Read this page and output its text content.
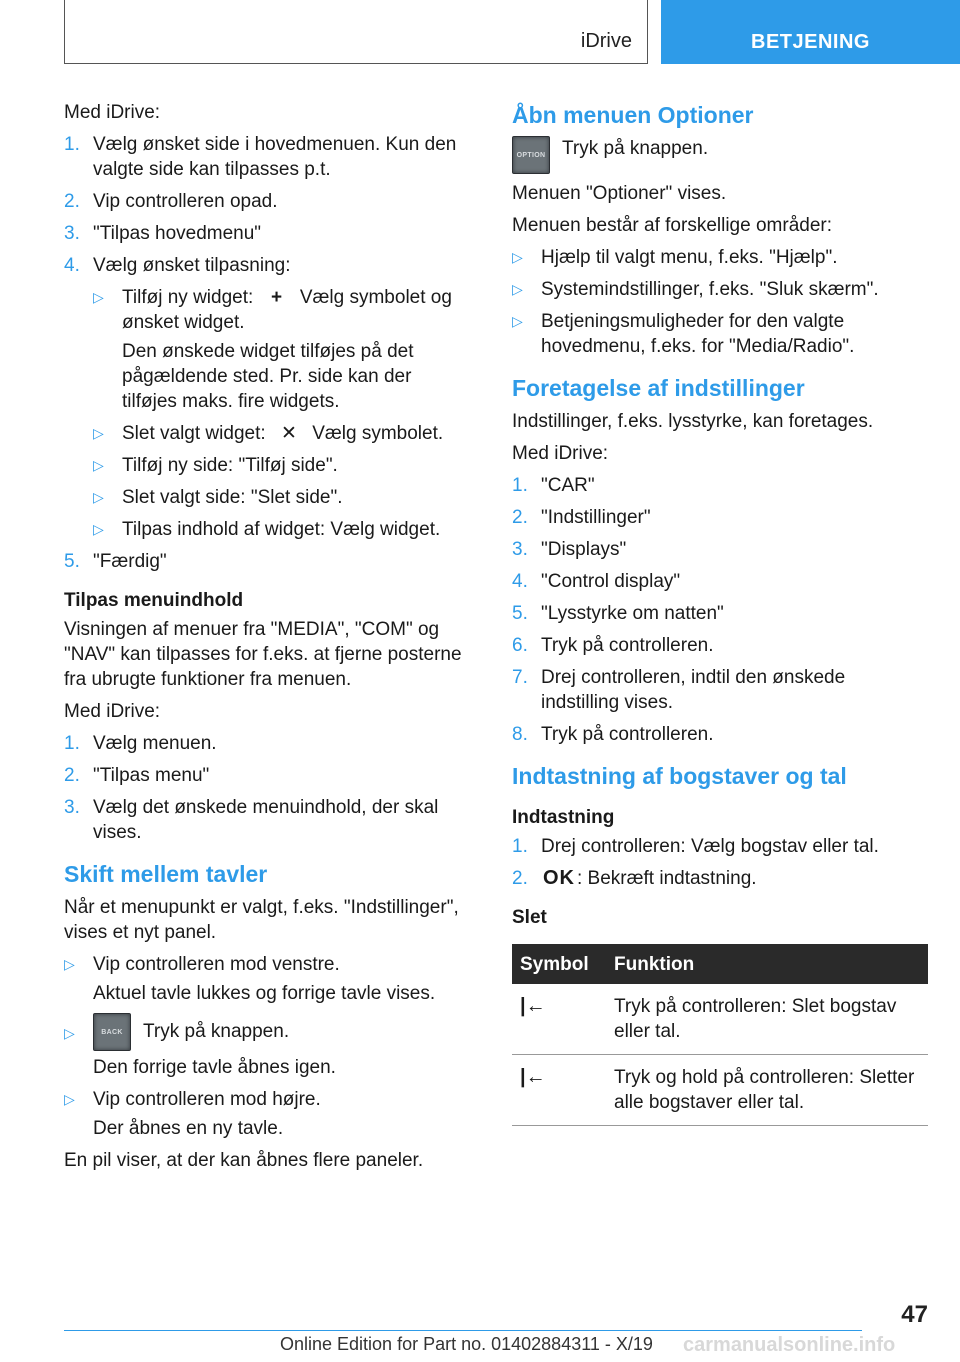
iDrive	BETJENING

Med iDrive:

1. Vælg ønsket side i hovedmenuen. Kun den valgte side kan tilpasses p.t.
2. Vip controlleren opad.
3. "Tilpas hovedmenu"
4. Vælg ønsket tilpasning:
▷ Tilføj ny widget: + Vælg symbolet og ønsket widget.

Den ønskede widget tilføjes på det pågældende sted. Pr. side kan der tilføjes maks. fire widgets.

▷ Slet valgt widget: ✕ Vælg symbolet.
▷ Tilføj ny side: "Tilføj side".
▷ Slet valgt side: "Slet side".
▷ Tilpas indhold af widget: Vælg widget.
5. "Færdig"
Tilpas menuindhold

Visningen af menuer fra "MEDIA", "COM" og "NAV" kan tilpasses for f.eks. at fjerne posterne fra ubrugte funktioner fra menuen.

Med iDrive:

1. Vælg menuen.
2. "Tilpas menu"
3. Vælg det ønskede menuindhold, der skal vises.
Skift mellem tavler

Når et menupunkt er valgt, f.eks. "Indstillinger", vises et nyt panel.

▷ Vip controlleren mod venstre.

Aktuel tavle lukkes og forrige tavle vises.

▷	BACK Tryk på knappen.

Den forrige tavle åbnes igen.

▷ Vip controlleren mod højre.

Der åbnes en ny tavle.

En pil viser, at der kan åbnes flere paneler.

Åbn menuen Optioner

OPTION Tryk på knappen.

Menuen "Optioner" vises.

Menuen består af forskellige områder:

▷ Hjælp til valgt menu, f.eks. "Hjælp".
▷ Systemindstillinger, f.eks. "Sluk skærm".
▷ Betjeningsmuligheder for den valgte hovedmenu, f.eks. for "Media/Radio".
Foretagelse af indstillinger

Indstillinger, f.eks. lysstyrke, kan foretages.

Med iDrive:

1. "CAR"
2. "Indstillinger"
3. "Displays"
4. "Control display"
5. "Lysstyrke om natten"
6. Tryk på controlleren.
7. Drej controlleren, indtil den ønskede indstilling vises.
8. Tryk på controlleren.
Indtastning af bogstaver og tal
Indtastning
1. Drej controlleren: Vælg bogstav eller tal.
2. OK : Bekræft indtastning.
Slet
Symbol	Funktion
|←	Tryk på controlleren: Slet bogstav eller tal.
|←	Tryk og hold på controlleren: Sletter alle bogstaver eller tal.
47
Online Edition for Part no. 01402884311 - X/19 carmanualsonline.info
